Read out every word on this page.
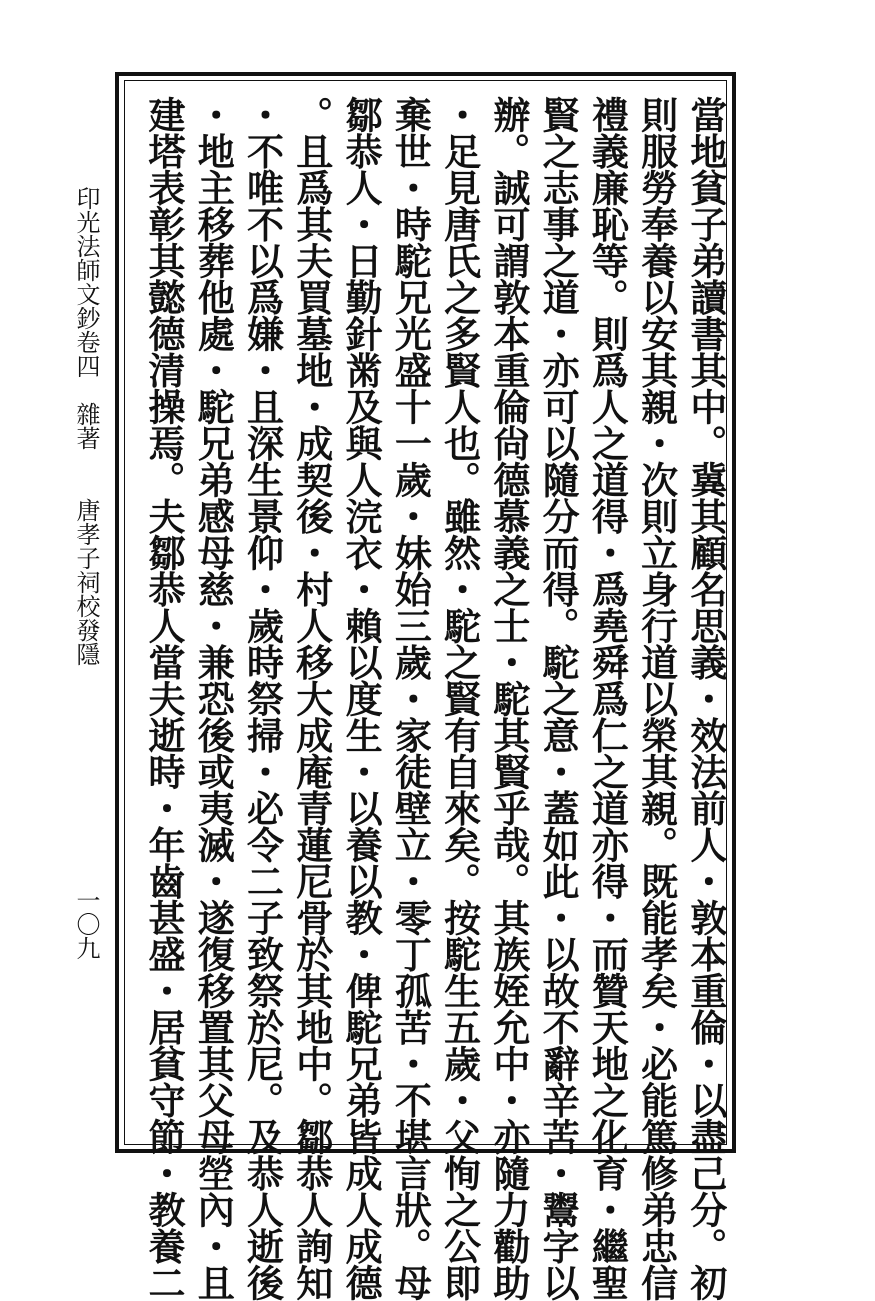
印光法師文鈔卷四　雜著　　唐孝子祠校發隱
一〇九	當地貧子弟讀書其中。冀其顧名思義・效法前人・敦本重倫・以盡己分。初
則服勞奉養以安其親・次則立身行道以榮其親。既能孝矣・必能篤修弟忠信
禮義廉恥等。則爲人之道得・爲堯舜爲仁之道亦得・而贊天地之化育・繼聖
賢之志事之道・亦可以隨分而得。駝之意・蓋如此・以故不辭辛苦・鬻字以
辦。誠可謂敦本重倫尙德慕義之士・駝其賢乎哉。其族姪允中・亦隨力勸助
・足見唐氏之多賢人也。雖然・駝之賢有自來矣。按駝生五歲・父恂之公即
棄世・時駝兄光盛十一歲・妹始三歲・家徒壁立・零丁孤苦・不堪言狀。母
鄒恭人・日勤針黹及與人浣衣・賴以度生・以養以教・俾駝兄弟皆成人成德
。且爲其夫買墓地・成契後・村人移大成庵青蓮尼骨於其地中。鄒恭人詢知
・不唯不以爲嫌・且深生景仰・歲時祭掃・必令二子致祭於尼。及恭人逝後
・地主移葬他處・駝兄弟感母慈・兼恐後或夷滅・遂復移置其父母塋內・且
建塔表彰其懿德清操焉。夫鄒恭人當夫逝時・年齒甚盛・居貧守節・教養二
